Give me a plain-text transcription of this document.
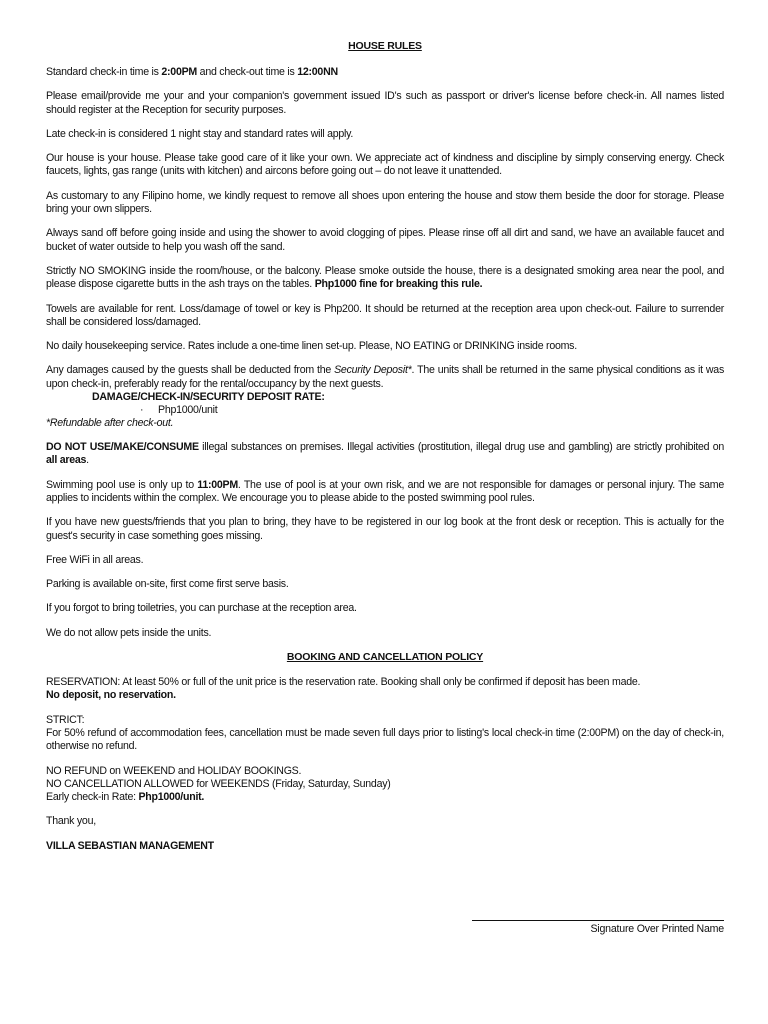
HOUSE RULES

Standard check-in time is 2:00PM and check-out time is 12:00NN

Please email/provide me your and your companion's government issued ID's such as passport or driver's license before check-in. All names listed should register at the Reception for security purposes.

Late check-in is considered 1 night stay and standard rates will apply.

Our house is your house. Please take good care of it like your own. We appreciate act of kindness and discipline by simply conserving energy. Check faucets, lights, gas range (units with kitchen) and aircons before going out – do not leave it unattended.

As customary to any Filipino home, we kindly request to remove all shoes upon entering the house and stow them beside the door for storage. Please bring your own slippers.

Always sand off before going inside and using the shower to avoid clogging of pipes. Please rinse off all dirt and sand, we have an available faucet and bucket of water outside to help you wash off the sand.

Strictly NO SMOKING inside the room/house, or the balcony. Please smoke outside the house, there is a designated smoking area near the pool, and please dispose cigarette butts in the ash trays on the tables. Php1000 fine for breaking this rule.

Towels are available for rent. Loss/damage of towel or key is Php200. It should be returned at the reception area upon check-out. Failure to surrender shall be considered loss/damaged.

No daily housekeeping service. Rates include a one-time linen set-up. Please, NO EATING or DRINKING inside rooms.

Any damages caused by the guests shall be deducted from the Security Deposit*. The units shall be returned in the same physical conditions as it was upon check-in, preferably ready for the rental/occupancy by the next guests.

DAMAGE/CHECK-IN/SECURITY DEPOSIT RATE:
· Php1000/unit
*Refundable after check-out.

DO NOT USE/MAKE/CONSUME illegal substances on premises. Illegal activities (prostitution, illegal drug use and gambling) are strictly prohibited on all areas.

Swimming pool use is only up to 11:00PM. The use of pool is at your own risk, and we are not responsible for damages or personal injury. The same applies to incidents within the complex. We encourage you to please abide to the posted swimming pool rules.

If you have new guests/friends that you plan to bring, they have to be registered in our log book at the front desk or reception. This is actually for the guest's security in case something goes missing.

Free WiFi in all areas.

Parking is available on-site, first come first serve basis.

If you forgot to bring toiletries, you can purchase at the reception area.

We do not allow pets inside the units.

BOOKING AND CANCELLATION POLICY

RESERVATION: At least 50% or full of the unit price is the reservation rate. Booking shall only be confirmed if deposit has been made.
No deposit, no reservation.

STRICT:
For 50% refund of accommodation fees, cancellation must be made seven full days prior to listing's local check-in time (2:00PM) on the day of check-in, otherwise no refund.

NO REFUND on WEEKEND and HOLIDAY BOOKINGS.
NO CANCELLATION ALLOWED for WEEKENDS (Friday, Saturday, Sunday)
Early check-in Rate: Php1000/unit.

Thank you,

VILLA SEBASTIAN MANAGEMENT

Signature Over Printed Name
